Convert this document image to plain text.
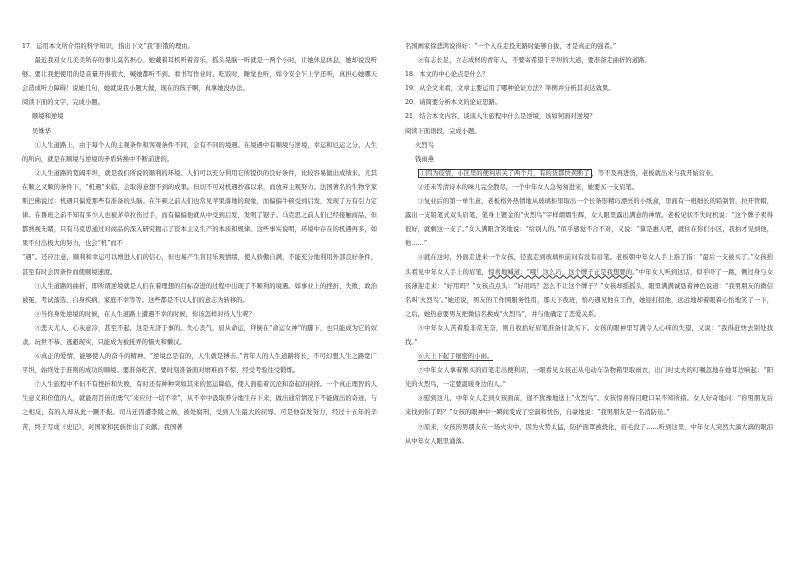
17．运用本文所介绍的科学知识，指出下文“我”拒饿的理由。

最近我对女儿美美所存的事儿莫名担心。她戴着耳机听着音乐，摇头晃脑一听就是一两个小时，让她休息休息，她却说没听够。要让我把使用的是音量开得很大，喊她都听不到。看书写作业时，吃饭时，睡觉也听，如今安全乍上学还听，真担心她哪天会造成听力障碍！说她几句，她就说我小题大做，现在的孩子啊，真拿她没办法。

阅读下面的文字，完成小题。

顺境和逆境

吴姝华

①人生道路上，由于每个人的主观条件和客观条件不同，会有不同的境遇。在境遇中有顺境与逆境，幸运和厄运之分。人生的所向，就是在顺境与逆境的矛盾转换中不断前进的。

②人生道路的宽阔平坦，就是我们所说的顺利的环境。人们可以充分利用它所提供的良好条件，比较容易做出成绩来。尤其在顺之又顺的条件下，“机遇”来临，会取得意想不到的成果。但切不可对机遇抄寡以求，而放弃主观努力。法国著名的生物学家斯巴佛说过：机遇只偏爱那些有准备的头脑。在牛顿之前人们也常见苹果落地的现象，而偏偏牛顿受到启发，发现了万有引力定律。在鲁班之前不知有多少人也被茅草拉伤过手，而有偏偏他就从中受到启发，发明了锯子。马克思之前人们已经接触商品，但都熟视无睹，只有马克思通过对商品的深入研究揭示了资本主义生产的本质和规律。这些事实说明，环境中存在的机遇再多，如果不付出极大的努力，也会“机”而不

“遇”。还应注意，顺利和幸运可以增进人们的信心，但也易产生盲目乐观情绪，使人骄傲自满，不能充分地利用外部良好条件，甚至有时会因条件而使顺境速度。

③人生道路的曲折，即所谓逆境就是人们在着理想的目标奋进的过程中出现了不顺利的境遇。如事业上的挫折、失败、政治被冤、考试落选、自身疾病、家庭不幸等等。这些都是不以人们的意志为转移的。

④当你身处逆境的时候，在人生道路上遭遇不幸的时候，你该怎样对待人生呢？

⑤悲天尤人、心灰意冷，甚至不起，这是无济于事的。失心丧气，屈从命运，拜倒在“命运女神”的脚下，也只能成为它的奴隶。玩世不恭、逃避现实，只能成为被抚弄的懦夫和懒汉。

⑥真正的爱情，能够使人的奋斗的精神。“逆境总是有的，人生就是搏击。”青年人的人生道路将长，不可幻想人生之路宽广平坦，始终处于准则的成功的顺境。要准备吃苦，要时刻准备面对磨难而不惊，经受考验往受锻炼。

⑦人生旅程中不但不有挫折和失败，有时还有种种突如其来的惩运降临，使人面临着沉沦和奋起的抉择。一个真正理智的人生意义和价值的人，就能用百倍的勇气“来应付一切不幸”，从不幸中汲取养分地生存下来，做出通常情况下不能做出的奇迹，与之相反，有的人却从此一蹶不振。司马迁因遭李陵之祸，被处腐刑，受到人生最大的屈辱。可是他奋发努力，经过十五年的辛苦，终于写成《史记》，对国家和民族作出了贡献。我国著

名国画家徐悲鸿说得好：“一个人在走投无路时能够自拔，才是真正的强者。”

⑧有志长足，立志成材的青年人，不要寄希望于平坦的大道，要准备走曲折的道路。

18．本文的中心论点是什么？

19．从全文来看，文章主要运用了哪种论证方法？举例并分析其表达效果。

20．请简要分析本文的论证思路。

21．结合本文内容，谈谈人生旅程中什么是逆境，该如何面对逆境？

阅读下面语段，完成小题。

火烈鸟

钱雨燕

①因为疫情，小区里的便利店关了两个月，有的货都快卖断了 ，等不及再进货，老板就出来与我开始营业。

②还未等清诗木的味儿完全散尽，一个中年女人急匆匆进来，她要买一支眉笔。

③复业后的第一单生意，老板格外热情地从玻璃柜里取出一个长条形精巧漂亮的小纸盒，里面有一根细长的铅制管，拉开管帽，露出一支铅笔式双头眉笔，笔身上镀金的“火烈鸟”字样熠熠生辉，女人眼里露出满意的神情。老板见状不失时机说：“这个牌子卖得很好，就剩这一支了。”女人满眼含笑地说：“给别人的。”似乎感觉不合不对，又说：“算是惠人吧，就住在你们小区，我拍才见到他，他……”

④就在这时，外面走进来一个女孩，径直走到玻璃柜前问有没有眉笔。老板朝中年女人手上指了指：“最后一支被买了。”女孩抬头看见中年女人手上的眉笔，惊喜地喊道：“哦！这么巧，这个牌子正是我想要的。”中年女人听到这话，似乎吓了一跳，侧过身与女孩薄迎走来：“好用吗？”女孩点点头：“好用吗？怎么不让这个牌子？”女孩却摇摇头，眼里满满诚恳着神色说道：“我男朋友的微信名叫‘火烈鸟’。”她还说，男友的工作围服务性用，那天下夜班，恰巧遇见他在工作，她迎打招他，远远地却着眼着心怡地笑了一下，之后，她热意要男友把微信名换成“火烈鸟”，并与他确定了恋爱关系。

⑤中年女人苦着脸非常无奈，则自收拾好眉笔准备付款买下。女孩的眼神里写满令人心痒的失望，又说：“我得赶快去别处找找。”

⑥天上下起了细密的小雨。

⑦中年女人拿着刚买的眉笔走出便利店，一眼看见女孩正从电动车杂物箱里取雨衣，出门时丈夫的叮嘱忽地在她耳边响起：“阳光的火烈鸟，一定要温暖身边的人。”

⑧慰到这儿，中年女人走到女孩面前，递不犹豫地送上“火烈鸟”。女孩惊喜得目瞪口呆不知所措。女人好奇地问：“你男朋友后来找到你了吗？”女孩的眼神中一瞬间变成了空洞和忧伤，自豪地说：“我男朋友是一名消防员。”

⑨原来，女孩的男朋友在一场火灾中，因为火势太猛，防护面罩被烧化，眉毛没了……听到这里，中年女人突然大滴大滴的眼泪从中年女人眼里涌落。
